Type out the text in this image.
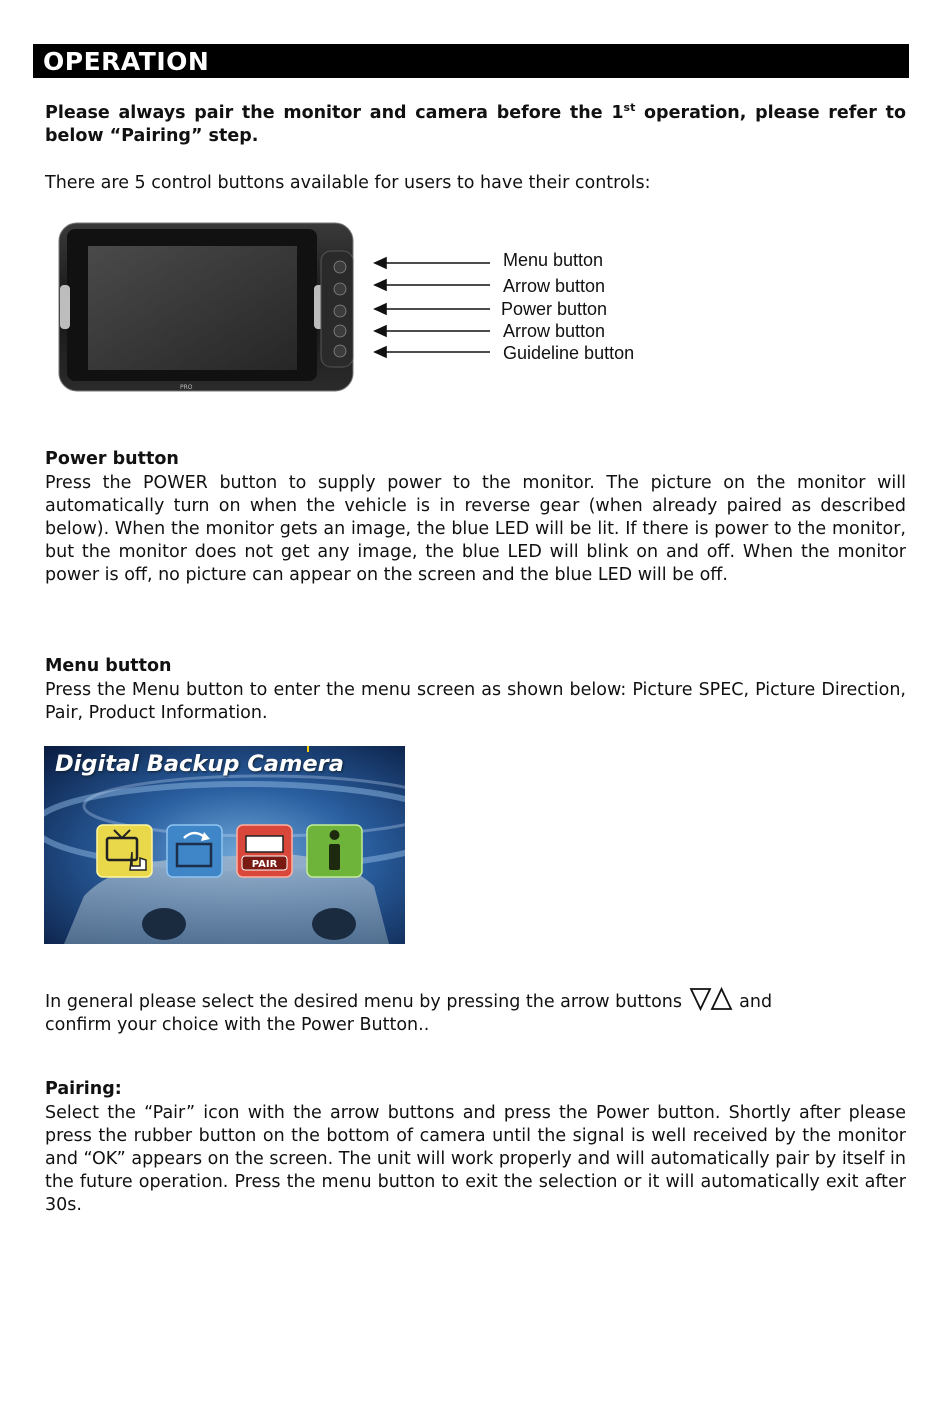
OPERATION
Please always pair the monitor and camera before the 1st operation, please refer to below “Pairing” step.
There are 5 control buttons available for users to have their controls:
PRO
Menu button
Arrow button
Power button
Arrow button
Guideline button
Power button
Press the POWER button to supply power to the monitor. The picture on the monitor will automatically turn on when the vehicle is in reverse gear (when already paired as described below). When the monitor gets an image, the blue LED will be lit. If there is power to the monitor, but the monitor does not get any image, the blue LED will blink on and off. When the monitor power is off, no picture can appear on the screen and the blue LED will be off.
Menu button
Press the Menu button to enter the menu screen as shown below: Picture SPEC, Picture Direction, Pair, Product Information.
Digital Backup Camera
PAIR
In general please select the desired menu by pressing the arrow buttons	and
confirm your choice with the Power Button..
Pairing:
Select the “Pair” icon with the arrow buttons and press the Power button. Shortly after please press the rubber button on the bottom of camera until the signal is well received by the monitor and “OK” appears on the screen. The unit will work properly and will automatically pair by itself in the future operation. Press the menu button to exit the selection or it will automatically exit after 30s.
